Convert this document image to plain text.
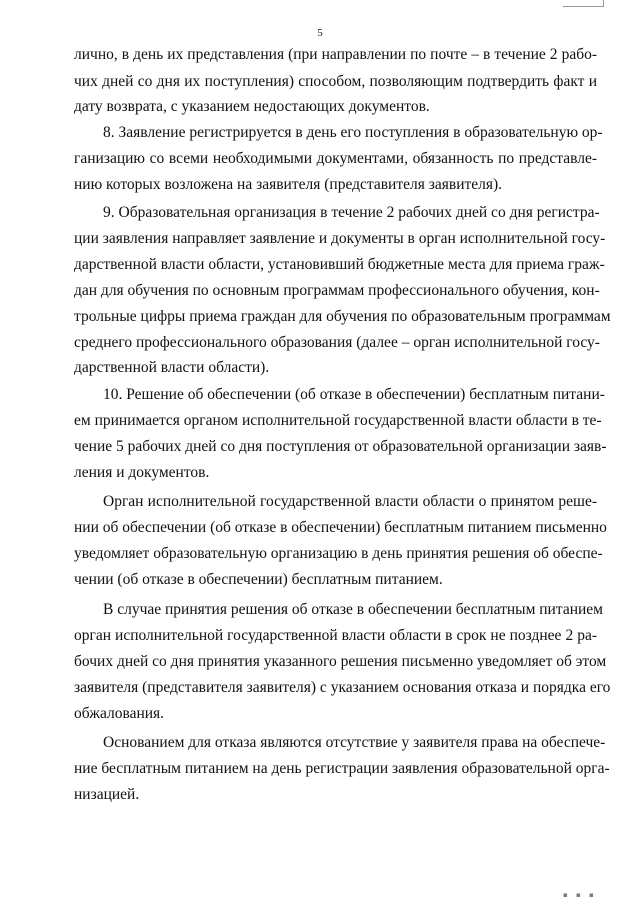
5
лично, в день их представления (при направлении по почте – в течение 2 рабо-
чих дней со дня их поступления) способом, позволяющим подтвердить факт и
дату возврата, с указанием недостающих документов.
8. Заявление регистрируется в день его поступления в образовательную ор-
ганизацию со всеми необходимыми документами, обязанность по представле-
нию которых возложена на заявителя (представителя заявителя).
9. Образовательная организация в течение 2 рабочих дней со дня регистра-
ции заявления направляет заявление и документы в орган исполнительной госу-
дарственной власти области, установивший бюджетные места для приема граж-
дан для обучения по основным программам профессионального обучения, кон-
трольные цифры приема граждан для обучения по образовательным программам
среднего профессионального образования (далее – орган исполнительной госу-
дарственной власти области).
10. Решение об обеспечении (об отказе в обеспечении) бесплатным питани-
ем принимается органом исполнительной государственной власти области в те-
чение 5 рабочих дней со дня поступления от образовательной организации заяв-
ления и документов.
Орган исполнительной государственной власти области о принятом реше-
нии об обеспечении (об отказе в обеспечении) бесплатным питанием письменно
уведомляет образовательную организацию в день принятия решения об обеспе-
чении (об отказе в обеспечении) бесплатным питанием.
В случае принятия решения об отказе в обеспечении бесплатным питанием
орган исполнительной государственной власти области в срок не позднее 2 ра-
бочих дней со дня принятия указанного решения письменно уведомляет об этом
заявителя (представителя заявителя) с указанием основания отказа и порядка его
обжалования.
Основанием для отказа являются отсутствие у заявителя права на обеспече-
ние бесплатным питанием на день регистрации заявления образовательной орга-
низацией.
▪ ▪ ▪
